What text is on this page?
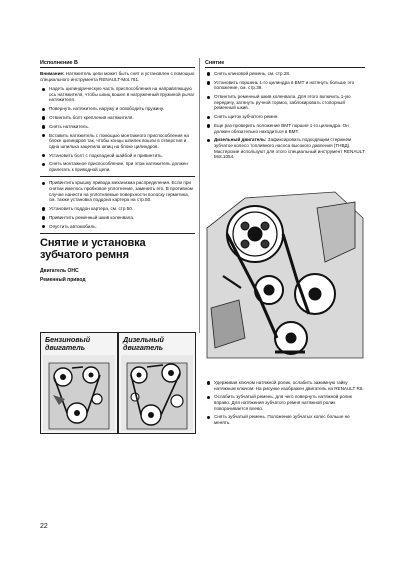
Исполнение В
Внимание: Натяжитель цепи может быть снят и установлен с помощью специального инструмента RENAULT-Mot.761.
Надеть цилиндрическую часть приспособления на направляющую ось натяжителя, чтобы шпиц вошел в нагруженный пружиной рычаг натяжителя.
Повернуть натяжитель наружу и освободить пружину.
Отвинтить болт крепления натяжителя.
Снять натяжитель.
Вставить натяжитель с помощью монтажного приспособления на блоке цилиндров так, чтобы концы шпилек вошли в отверстия и одна шпилька зацепила шпиц на блоке цилиндров.
Установить болт с подкладной шайбой и привинтить.
Снять монтажное приспособление, при этом натяжитель должен прилегать к приводной цепи.
Привинтить крышку привода механизма распределения. Если при снятии имелось пробковое уплотнение, заменить его. В противном случае нанести на уплотняемые поверхности полоску герметика, см. также установка поддона картера на стр.50.
Установить поддон картера, см. стр.50.
Привинтить ременный шкив коленвала.
Опустить автомобиль.
Снятие и установка зубчатого ремня
Двигатель ОНС
Ременный привод
Бензиновый двигатель
Дизельный двигатель
Снятие
Снять клиновой ремень, см. стр.28.
Установить поршень 1-го цилиндра в ВМТ и натянуть больше это положение, см. стр.39.
Отвинтить ременный шкив коленвала. Для этого включить 1-ую передачу, затянуть ручной тормоз, заблокировать стопорный ременный шкив.
Снять щиток зубчатого ремня.
Еще раз проверить положение ВМТ поршня 1-го цилиндра. Он должен обязательно находиться в ВМТ.
Дизельный двигатель: Зафиксировать подходящим стержнем зубчатое колесо топливного насоса высокого давления (ТНВД). Мастерские используют для этого специальный инструмент RENAULT Mot.1054.
Удерживая ключом натяжной ролик, ослабить зажимную гайку натяжным ключом. На рисунке изображен двигатель на RENAULT R5.
Ослабить зубчатый ремень, для чего повернуть натяжной ролик вправо. Для натяжения зубчатого ремня натяжной ролик поворачивается влево.
Снять зубчатый ремень. Положение зубчатых колес больше не менять.
22
